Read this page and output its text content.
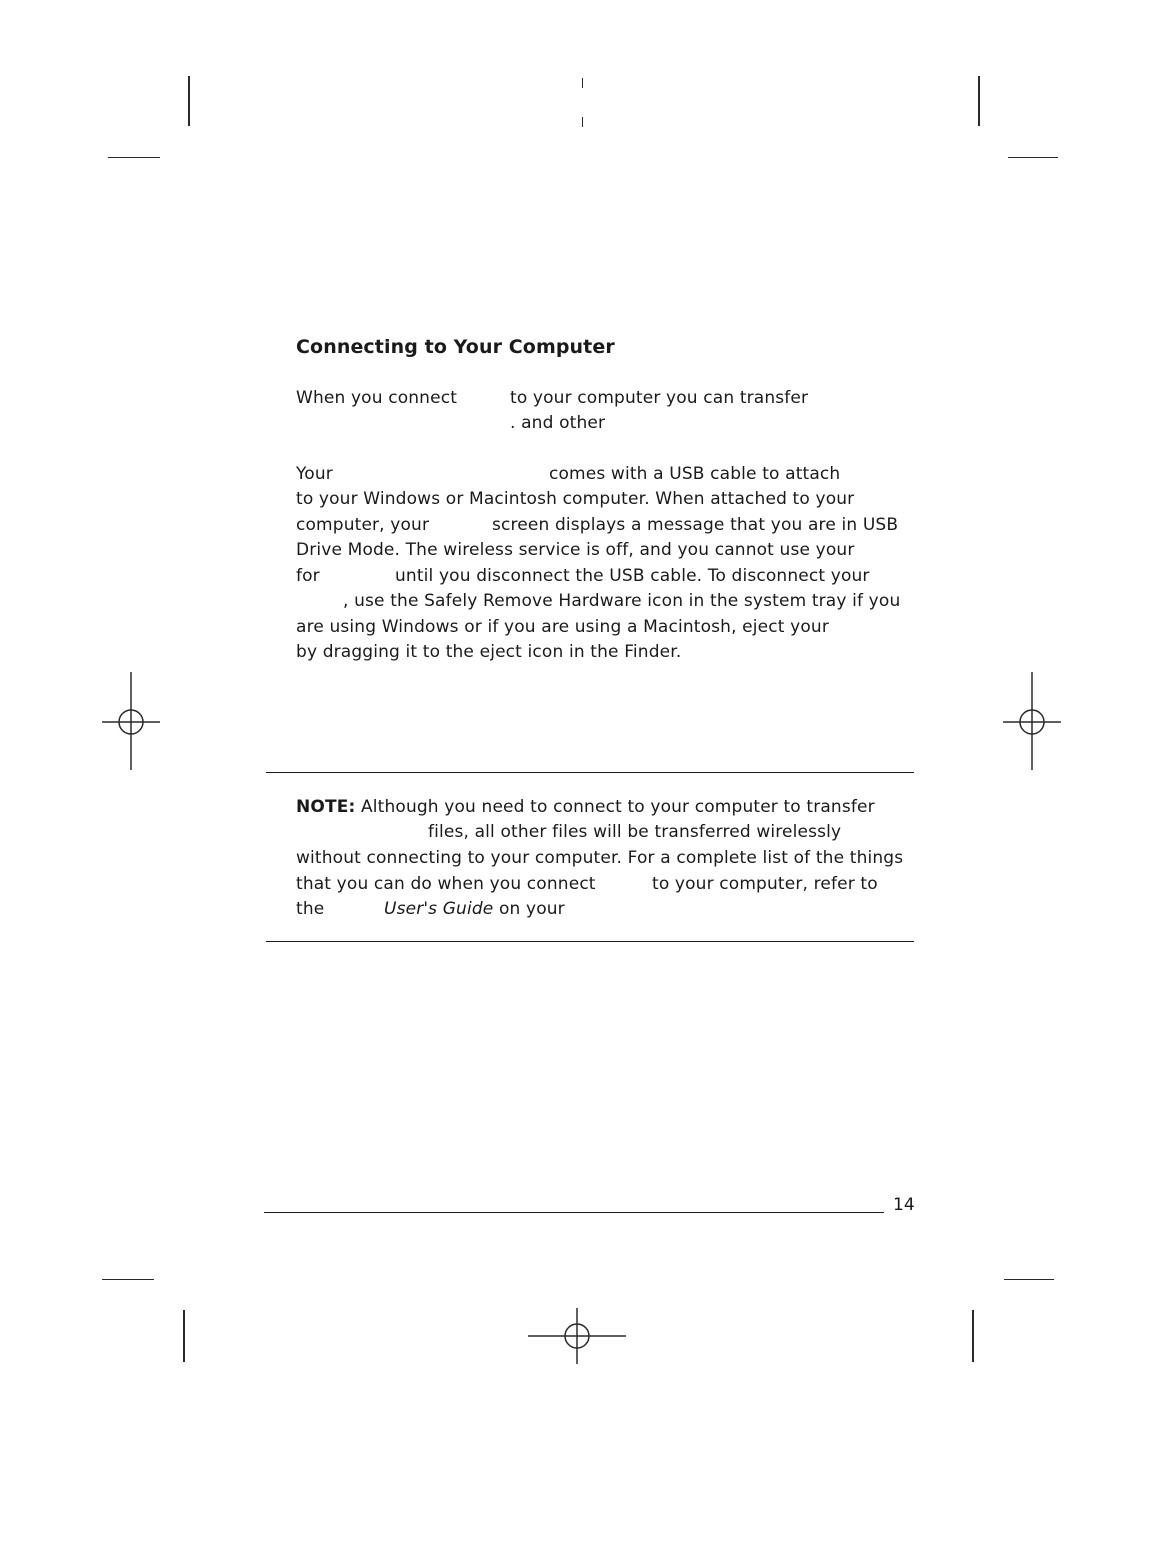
Connecting to Your Computer
When you connect	to your computer you can transfer
. and other
Your	comes with a USB cable to attach
to your Windows or Macintosh computer. When attached to your
computer, your	screen displays a message that you are in USB
Drive Mode. The wireless service is off, and you cannot use your
for	until you disconnect the USB cable. To disconnect your
, use the Safely Remove Hardware icon in the system tray if you
are using Windows or if you are using a Macintosh, eject your
by dragging it to the eject icon in the Finder.
NOTE: Although you need to connect to your computer to transfer
files, all other files will be transferred wirelessly
without connecting to your computer. For a complete list of the things
that you can do when you connect	to your computer, refer to
the	User's Guide on your
14
